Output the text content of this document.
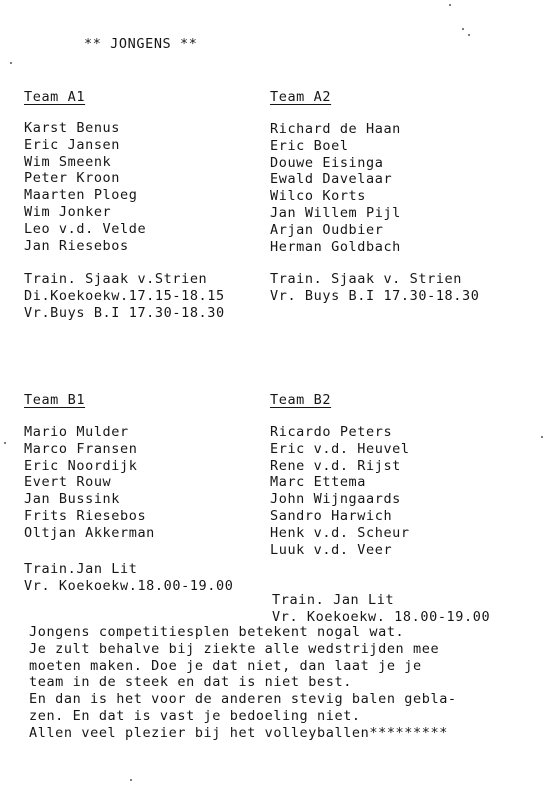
** JONGENS **
Team A1
Karst Benus
Eric Jansen
Wim Smeenk
Peter Kroon
Maarten Ploeg
Wim Jonker
Leo v.d. Velde
Jan Riesebos
Train. Sjaak v.Strien
Di.Koekoekw.17.15-18.15
Vr.Buys B.I 17.30-18.30
Team A2
Richard de Haan
Eric Boel
Douwe Eisinga
Ewald Davelaar
Wilco Korts
Jan Willem Pijl
Arjan Oudbier
Herman Goldbach
Train. Sjaak v. Strien
Vr. Buys B.I 17.30-18.30
Team B1
Mario Mulder
Marco Fransen
Eric Noordijk
Evert Rouw
Jan Bussink
Frits Riesebos
Oltjan Akkerman
Train.Jan Lit
Vr. Koekoekw.18.00-19.00
Team B2
Ricardo Peters
Eric v.d. Heuvel
Rene v.d. Rijst
Marc Ettema
John Wijngaards
Sandro Harwich
Henk v.d. Scheur
Luuk v.d. Veer
Train. Jan Lit
Vr. Koekoekw. 18.00-19.00
Jongens competitiesplen betekent nogal wat.
Je zult behalve bij ziekte alle wedstrijden mee
moeten maken. Doe je dat niet, dan laat je je
team in de steek en dat is niet best.
En dan is het voor de anderen stevig balen gebla-
zen. En dat is vast je bedoeling niet.
Allen veel plezier bij het volleyballen*********
